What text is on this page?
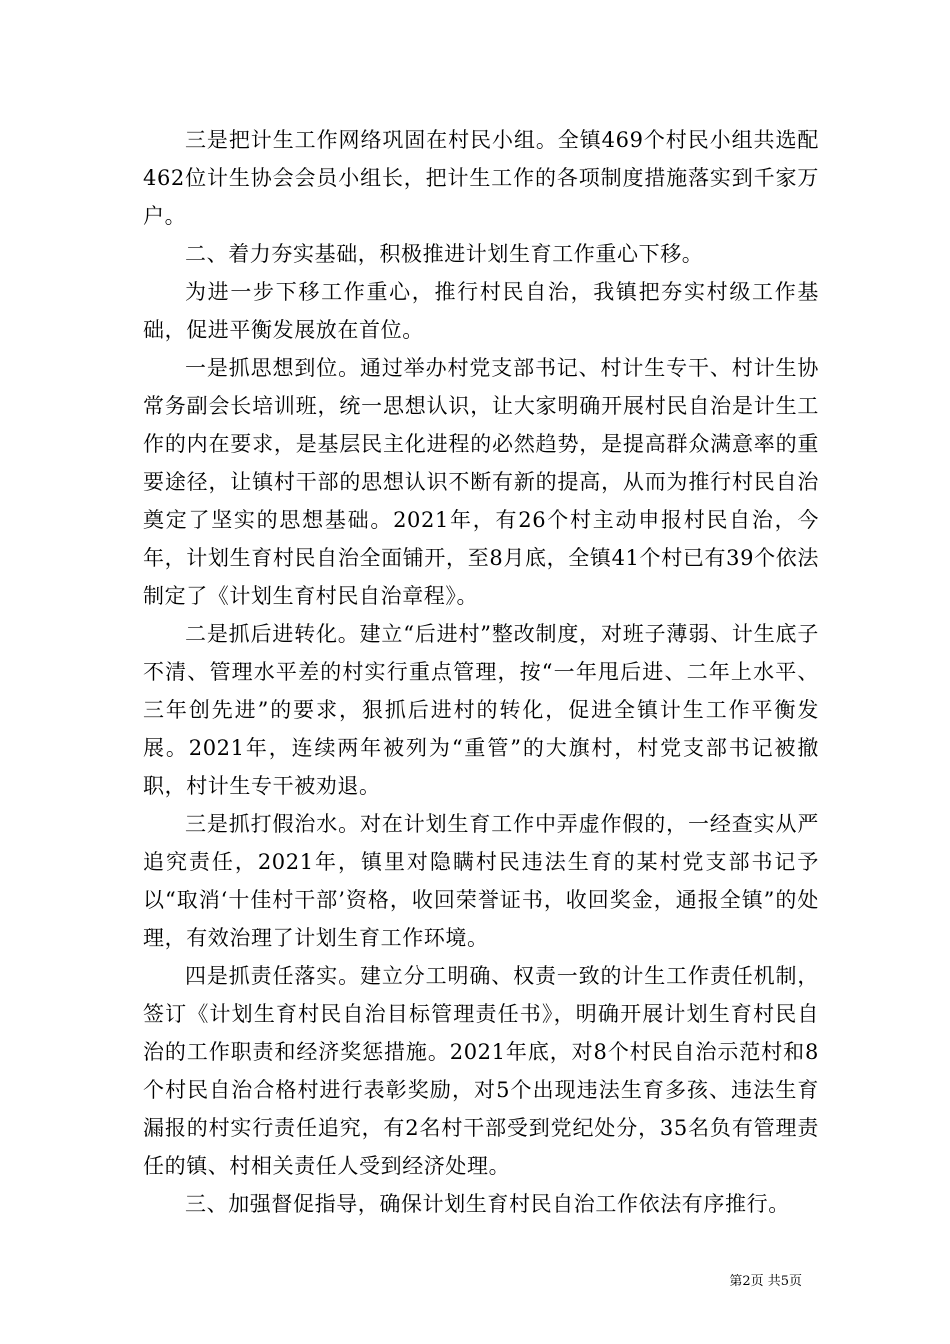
三是把计生工作网络巩固在村民小组。全镇469个村民小组共选配462位计生协会会员小组长，把计生工作的各项制度措施落实到千家万户。

二、着力夯实基础，积极推进计划生育工作重心下移。

为进一步下移工作重心，推行村民自治，我镇把夯实村级工作基础，促进平衡发展放在首位。

一是抓思想到位。通过举办村党支部书记、村计生专干、村计生协常务副会长培训班，统一思想认识，让大家明确开展村民自治是计生工作的内在要求，是基层民主化进程的必然趋势，是提高群众满意率的重要途径，让镇村干部的思想认识不断有新的提高，从而为推行村民自治奠定了坚实的思想基础。2021年，有26个村主动申报村民自治，今年，计划生育村民自治全面铺开，至8月底，全镇41个村已有39个依法制定了《计划生育村民自治章程》。

二是抓后进转化。建立“后进村”整改制度，对班子薄弱、计生底子不清、管理水平差的村实行重点管理，按“一年甩后进、二年上水平、三年创先进”的要求，狠抓后进村的转化，促进全镇计生工作平衡发展。2021年，连续两年被列为“重管”的大旗村，村党支部书记被撤职，村计生专干被劝退。

三是抓打假治水。对在计划生育工作中弄虚作假的，一经查实从严追究责任，2021年，镇里对隐瞒村民违法生育的某村党支部书记予以“取消‘十佳村干部’资格，收回荣誉证书，收回奖金，通报全镇”的处理，有效治理了计划生育工作环境。

四是抓责任落实。建立分工明确、权责一致的计生工作责任机制，签订《计划生育村民自治目标管理责任书》，明确开展计划生育村民自治的工作职责和经济奖惩措施。2021年底，对8个村民自治示范村和8个村民自治合格村进行表彰奖励，对5个出现违法生育多孩、违法生育漏报的村实行责任追究，有2名村干部受到党纪处分，35名负有管理责任的镇、村相关责任人受到经济处理。

三、加强督促指导，确保计划生育村民自治工作依法有序推行。

第2页 共5页
